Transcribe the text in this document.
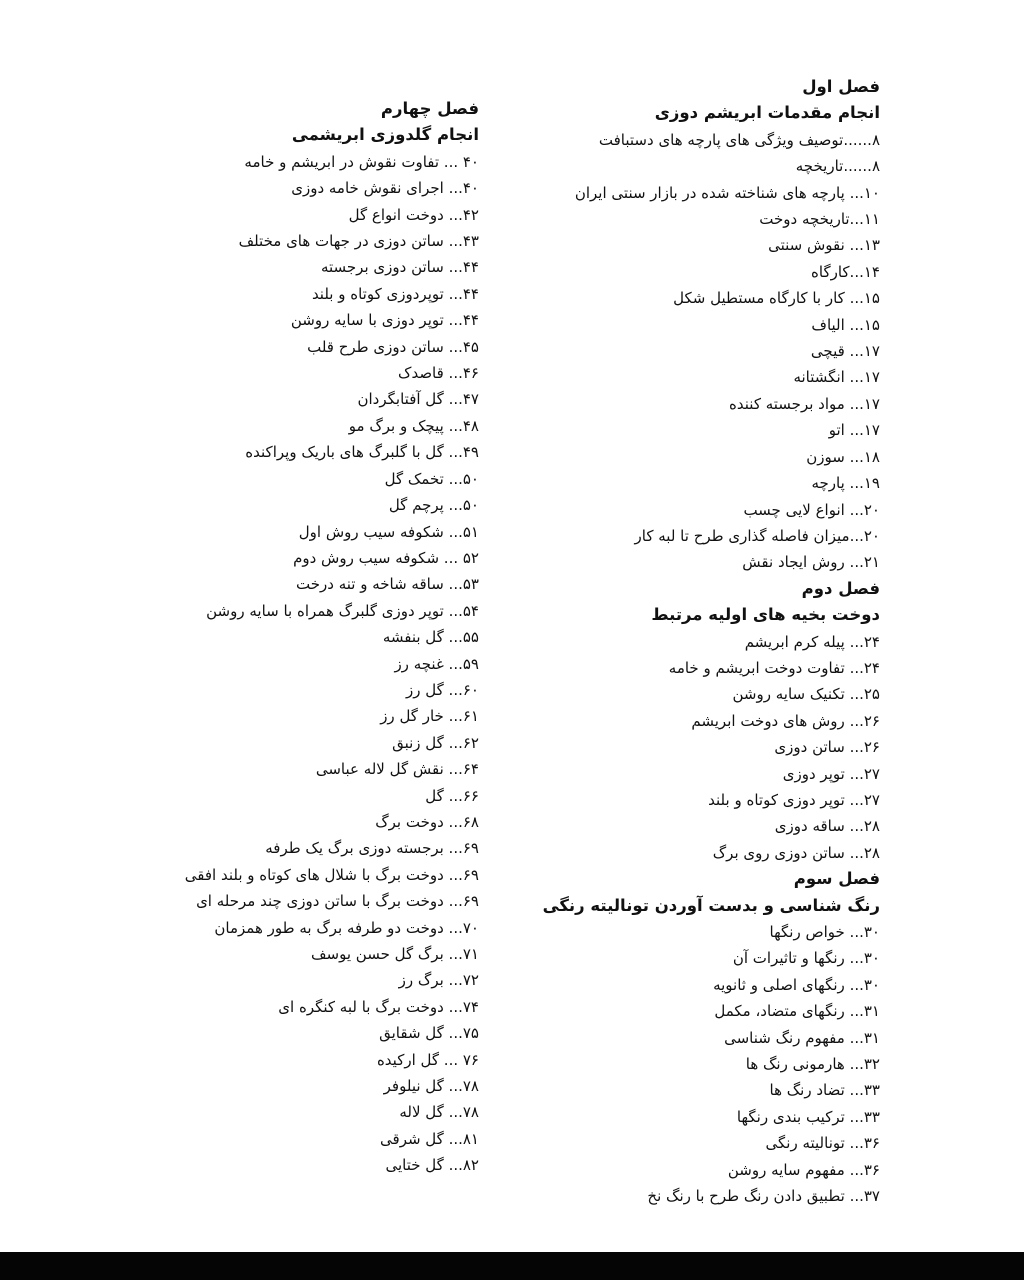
فصل اول
انجام مقدمات ابریشم دوزی
۸......توصیف ویژگی های پارچه های دستبافت
۸......تاریخچه
۱۰... پارچه های شناخته شده در بازار سنتی ایران
۱۱...تاریخچه دوخت
۱۳... نقوش سنتی
۱۴...کارگاه
۱۵... کار با کارگاه مستطیل شکل
۱۵... الیاف
۱۷... قیچی
۱۷... انگشتانه
۱۷... مواد برجسته کننده
۱۷... اتو
۱۸... سوزن
۱۹... پارچه
۲۰... انواع لایی چسب
۲۰...میزان فاصله گذاری طرح تا لبه کار
۲۱... روش ایجاد نقش
فصل دوم
دوخت بخیه های اولیه مرتبط
۲۴... پیله کرم ابریشم
۲۴... تفاوت دوخت ابریشم و خامه
۲۵... تکنیک سایه روشن
۲۶... روش های دوخت ابریشم
۲۶... ساتن دوزی
۲۷... توپر دوزی
۲۷... توپر دوزی کوتاه و بلند
۲۸... ساقه دوزی
۲۸... ساتن دوزی روی برگ
فصل سوم
رنگ شناسی و بدست آوردن تونالیته رنگی
۳۰... خواص رنگها
۳۰... رنگها و تاثیرات آن
۳۰... رنگهای اصلی و ثانویه
۳۱... رنگهای متضاد، مکمل
۳۱... مفهوم رنگ شناسی
۳۲... هارمونی رنگ ها
۳۳... تضاد رنگ ها
۳۳... ترکیب بندی رنگها
۳۶... تونالیته رنگی
۳۶... مفهوم سایه روشن
۳۷... تطبیق دادن رنگ طرح با رنگ نخ
فصل چهارم
انجام گلدوزی ابریشمی
۴۰ ... تفاوت نقوش در ابریشم و خامه
۴۰... اجرای نقوش خامه دوزی
۴۲... دوخت انواع گل
۴۳... ساتن دوزی در جهات های مختلف
۴۴... ساتن دوزی برجسته
۴۴... توپردوزی کوتاه و بلند
۴۴... توپر دوزی با سایه روشن
۴۵... ساتن دوزی طرح قلب
۴۶... قاصدک
۴۷... گل آفتابگردان
۴۸... پیچک و برگ مو
۴۹... گل با گلبرگ های باریک وپراکنده
۵۰... تخمک گل
۵۰... پرچم گل
۵۱... شکوفه سیب روش اول
۵۲ ... شکوفه سیب روش دوم
۵۳... ساقه شاخه و تنه درخت
۵۴... توپر دوزی گلبرگ همراه با سایه روشن
۵۵... گل بنفشه
۵۹... غنچه رز
۶۰... گل رز
۶۱... خار گل رز
۶۲... گل زنبق
۶۴... نقش گل لاله عباسی
۶۶... گل
۶۸... دوخت برگ
۶۹... برجسته دوزی برگ یک طرفه
۶۹... دوخت برگ با شلال های کوتاه و بلند افقی
۶۹... دوخت برگ با ساتن دوزی چند مرحله ای
۷۰... دوخت دو طرفه برگ به طور همزمان
۷۱... برگ گل حسن یوسف
۷۲... برگ رز
۷۴... دوخت برگ با لبه کنگره ای
۷۵... گل شقایق
۷۶ ... گل ارکیده
۷۸... گل نیلوفر
۷۸... گل لاله
۸۱... گل شرقی
۸۲... گل ختایی
